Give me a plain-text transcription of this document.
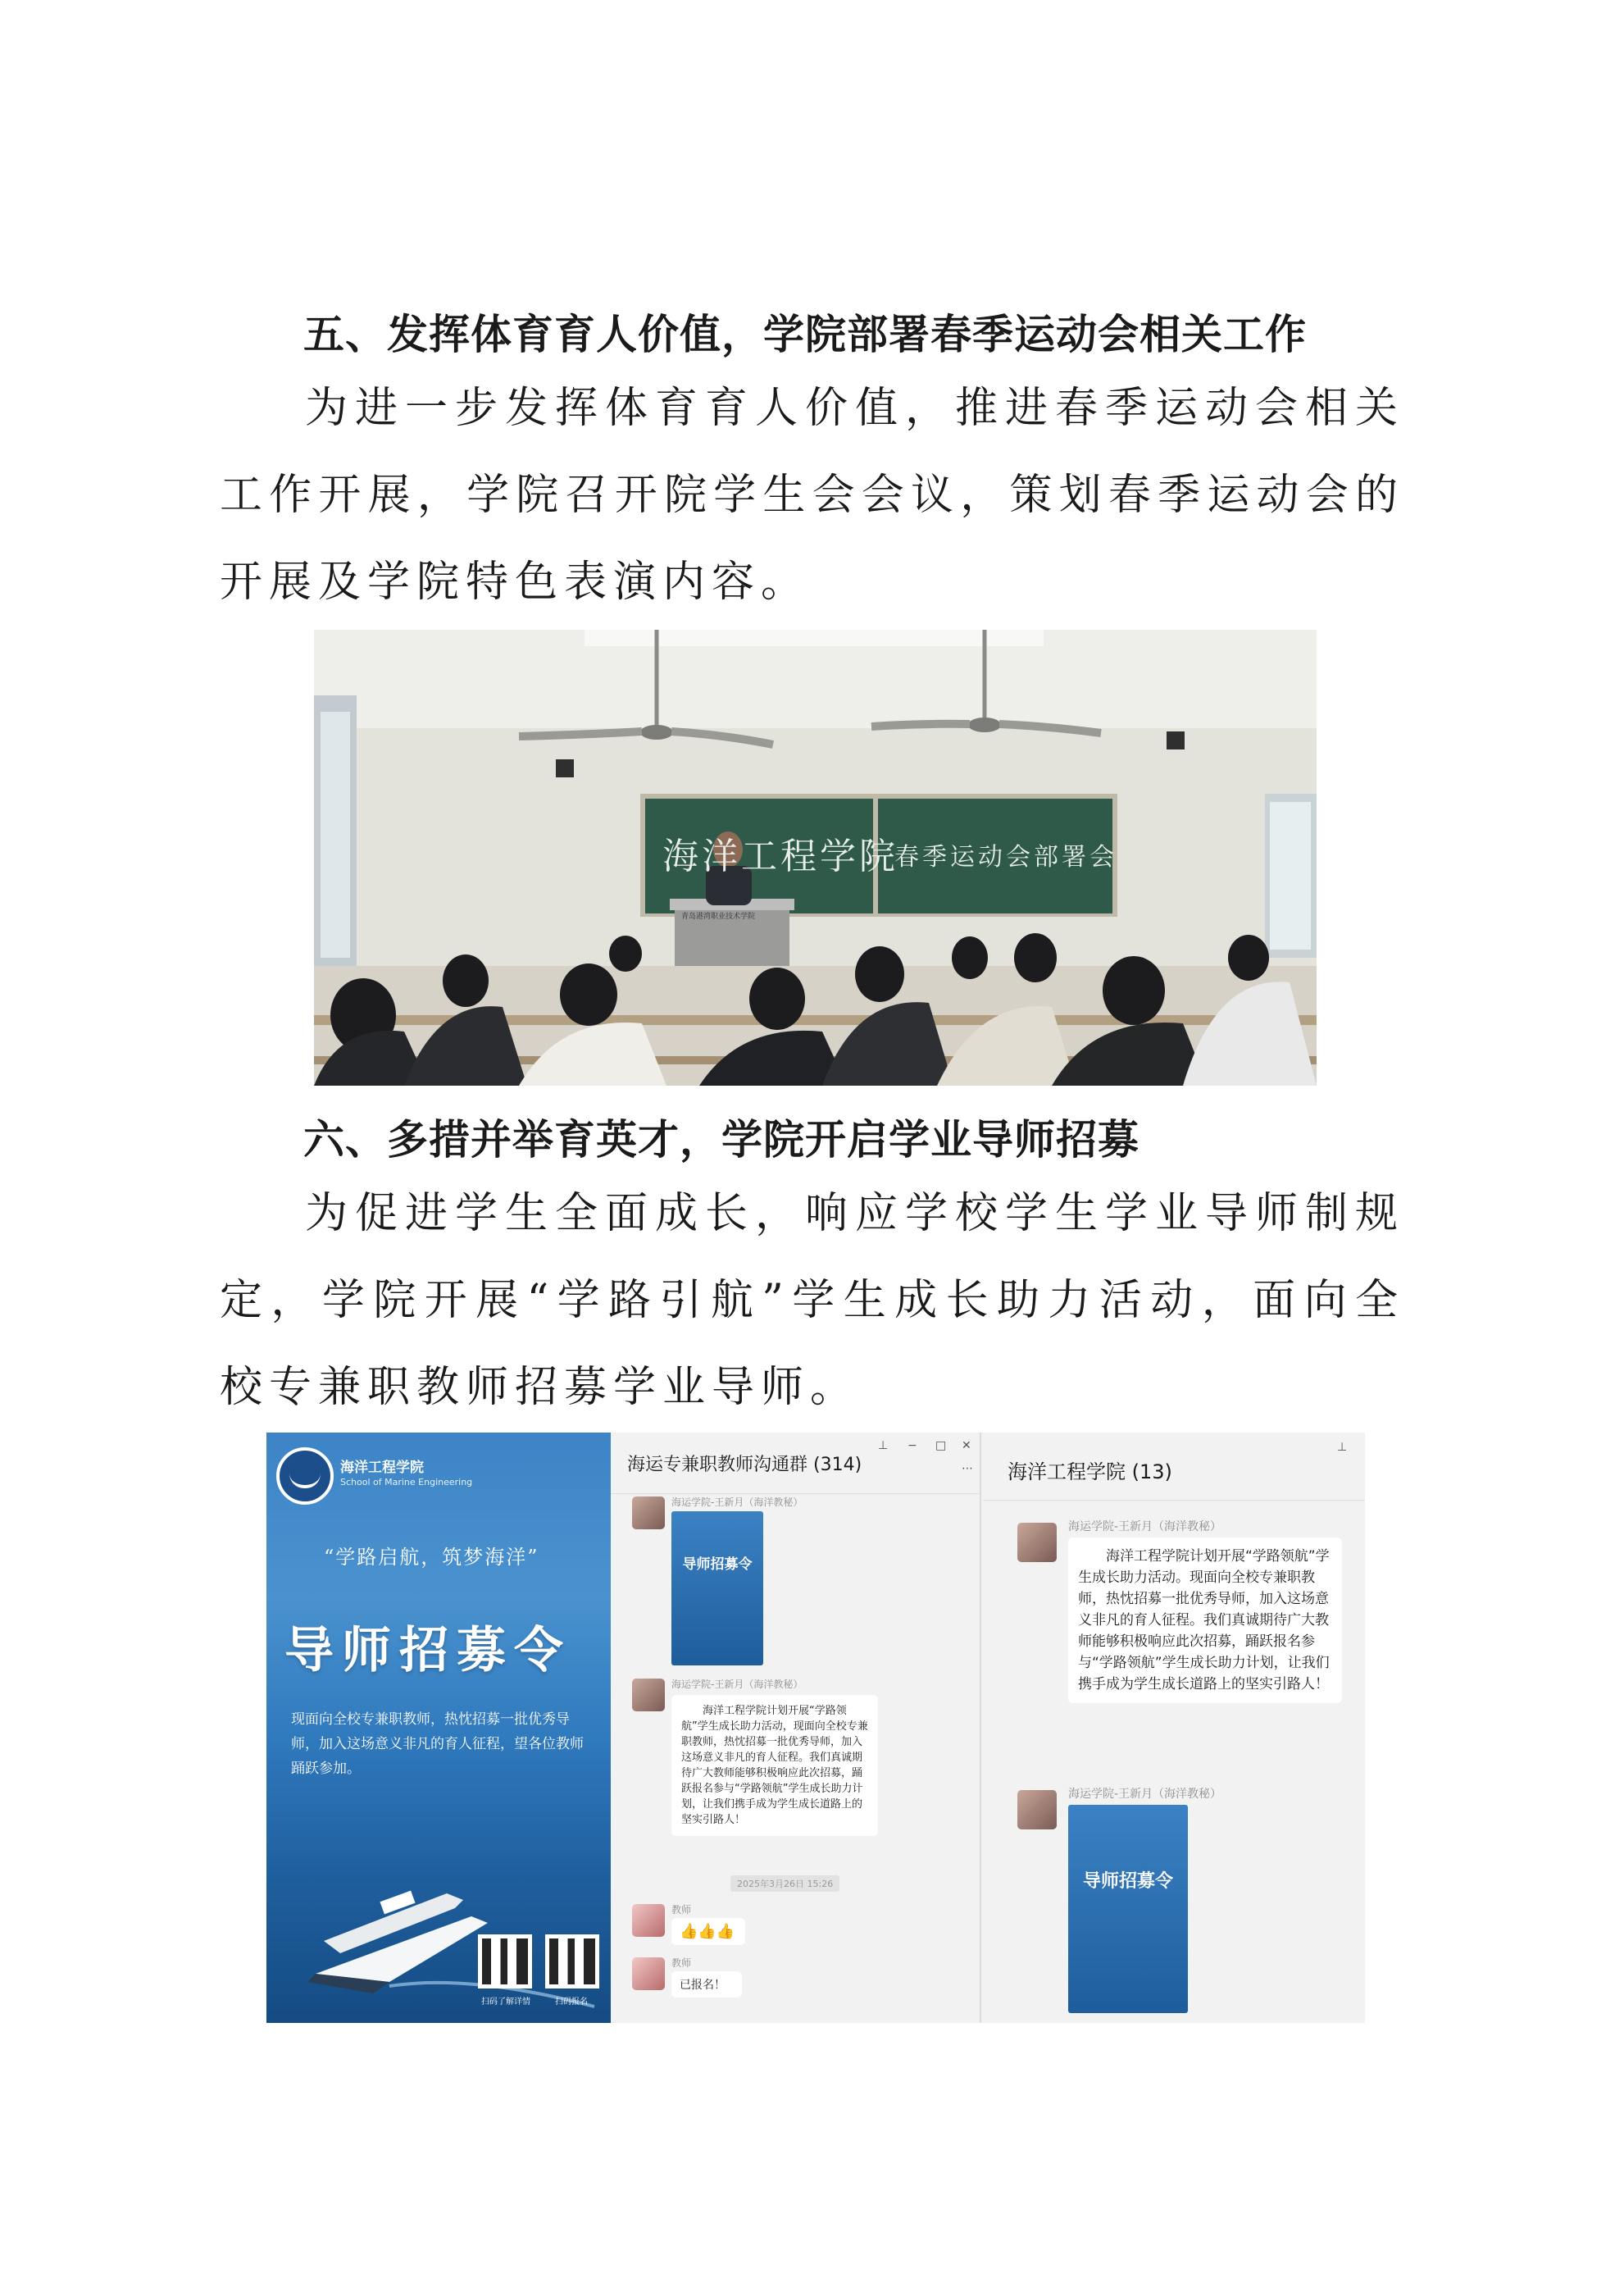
五、发挥体育育人价值，学院部署春季运动会相关工作
为进一步发挥体育育人价值，推进春季运动会相关工作开展，学院召开院学生会会议，策划春季运动会的开展及学院特色表演内容。
海洋工程学院
春季运动会部署会
青岛港湾职业技术学院
六、多措并举育英才，学院开启学业导师招募
为促进学生全面成长，响应学校学生学业导师制规定，学院开展“学路引航”学生成长助力活动，面向全校专兼职教师招募学业导师。
海洋工程学院
School of Marine Engineering
“学路启航，筑梦海洋”
导师招募令
现面向全校专兼职教师，热忱招募一批优秀导师，加入这场意义非凡的育人征程，望各位教师踊跃参加。
扫码了解详情	扫码报名
海运专兼职教师沟通群 (314)
⊥ − □ ✕
⋯
海运学院-王新月（海洋教秘）
导师招募令
海运学院-王新月（海洋教秘）
海洋工程学院计划开展“学路领航”学生成长助力活动，现面向全校专兼职教师，热忱招募一批优秀导师，加入这场意义非凡的育人征程。我们真诚期待广大教师能够积极响应此次招募，踊跃报名参与“学路领航”学生成长助力计划，让我们携手成为学生成长道路上的坚实引路人！
2025年3月26日 15:26
教师
👍👍👍
教师
已报名！
海洋工程学院 (13)
⊥
海运学院-王新月（海洋教秘）
海洋工程学院计划开展“学路领航”学生成长助力活动。现面向全校专兼职教师，热忱招募一批优秀导师，加入这场意义非凡的育人征程。我们真诚期待广大教师能够积极响应此次招募，踊跃报名参与“学路领航”学生成长助力计划，让我们携手成为学生成长道路上的坚实引路人！
海运学院-王新月（海洋教秘）
导师招募令
